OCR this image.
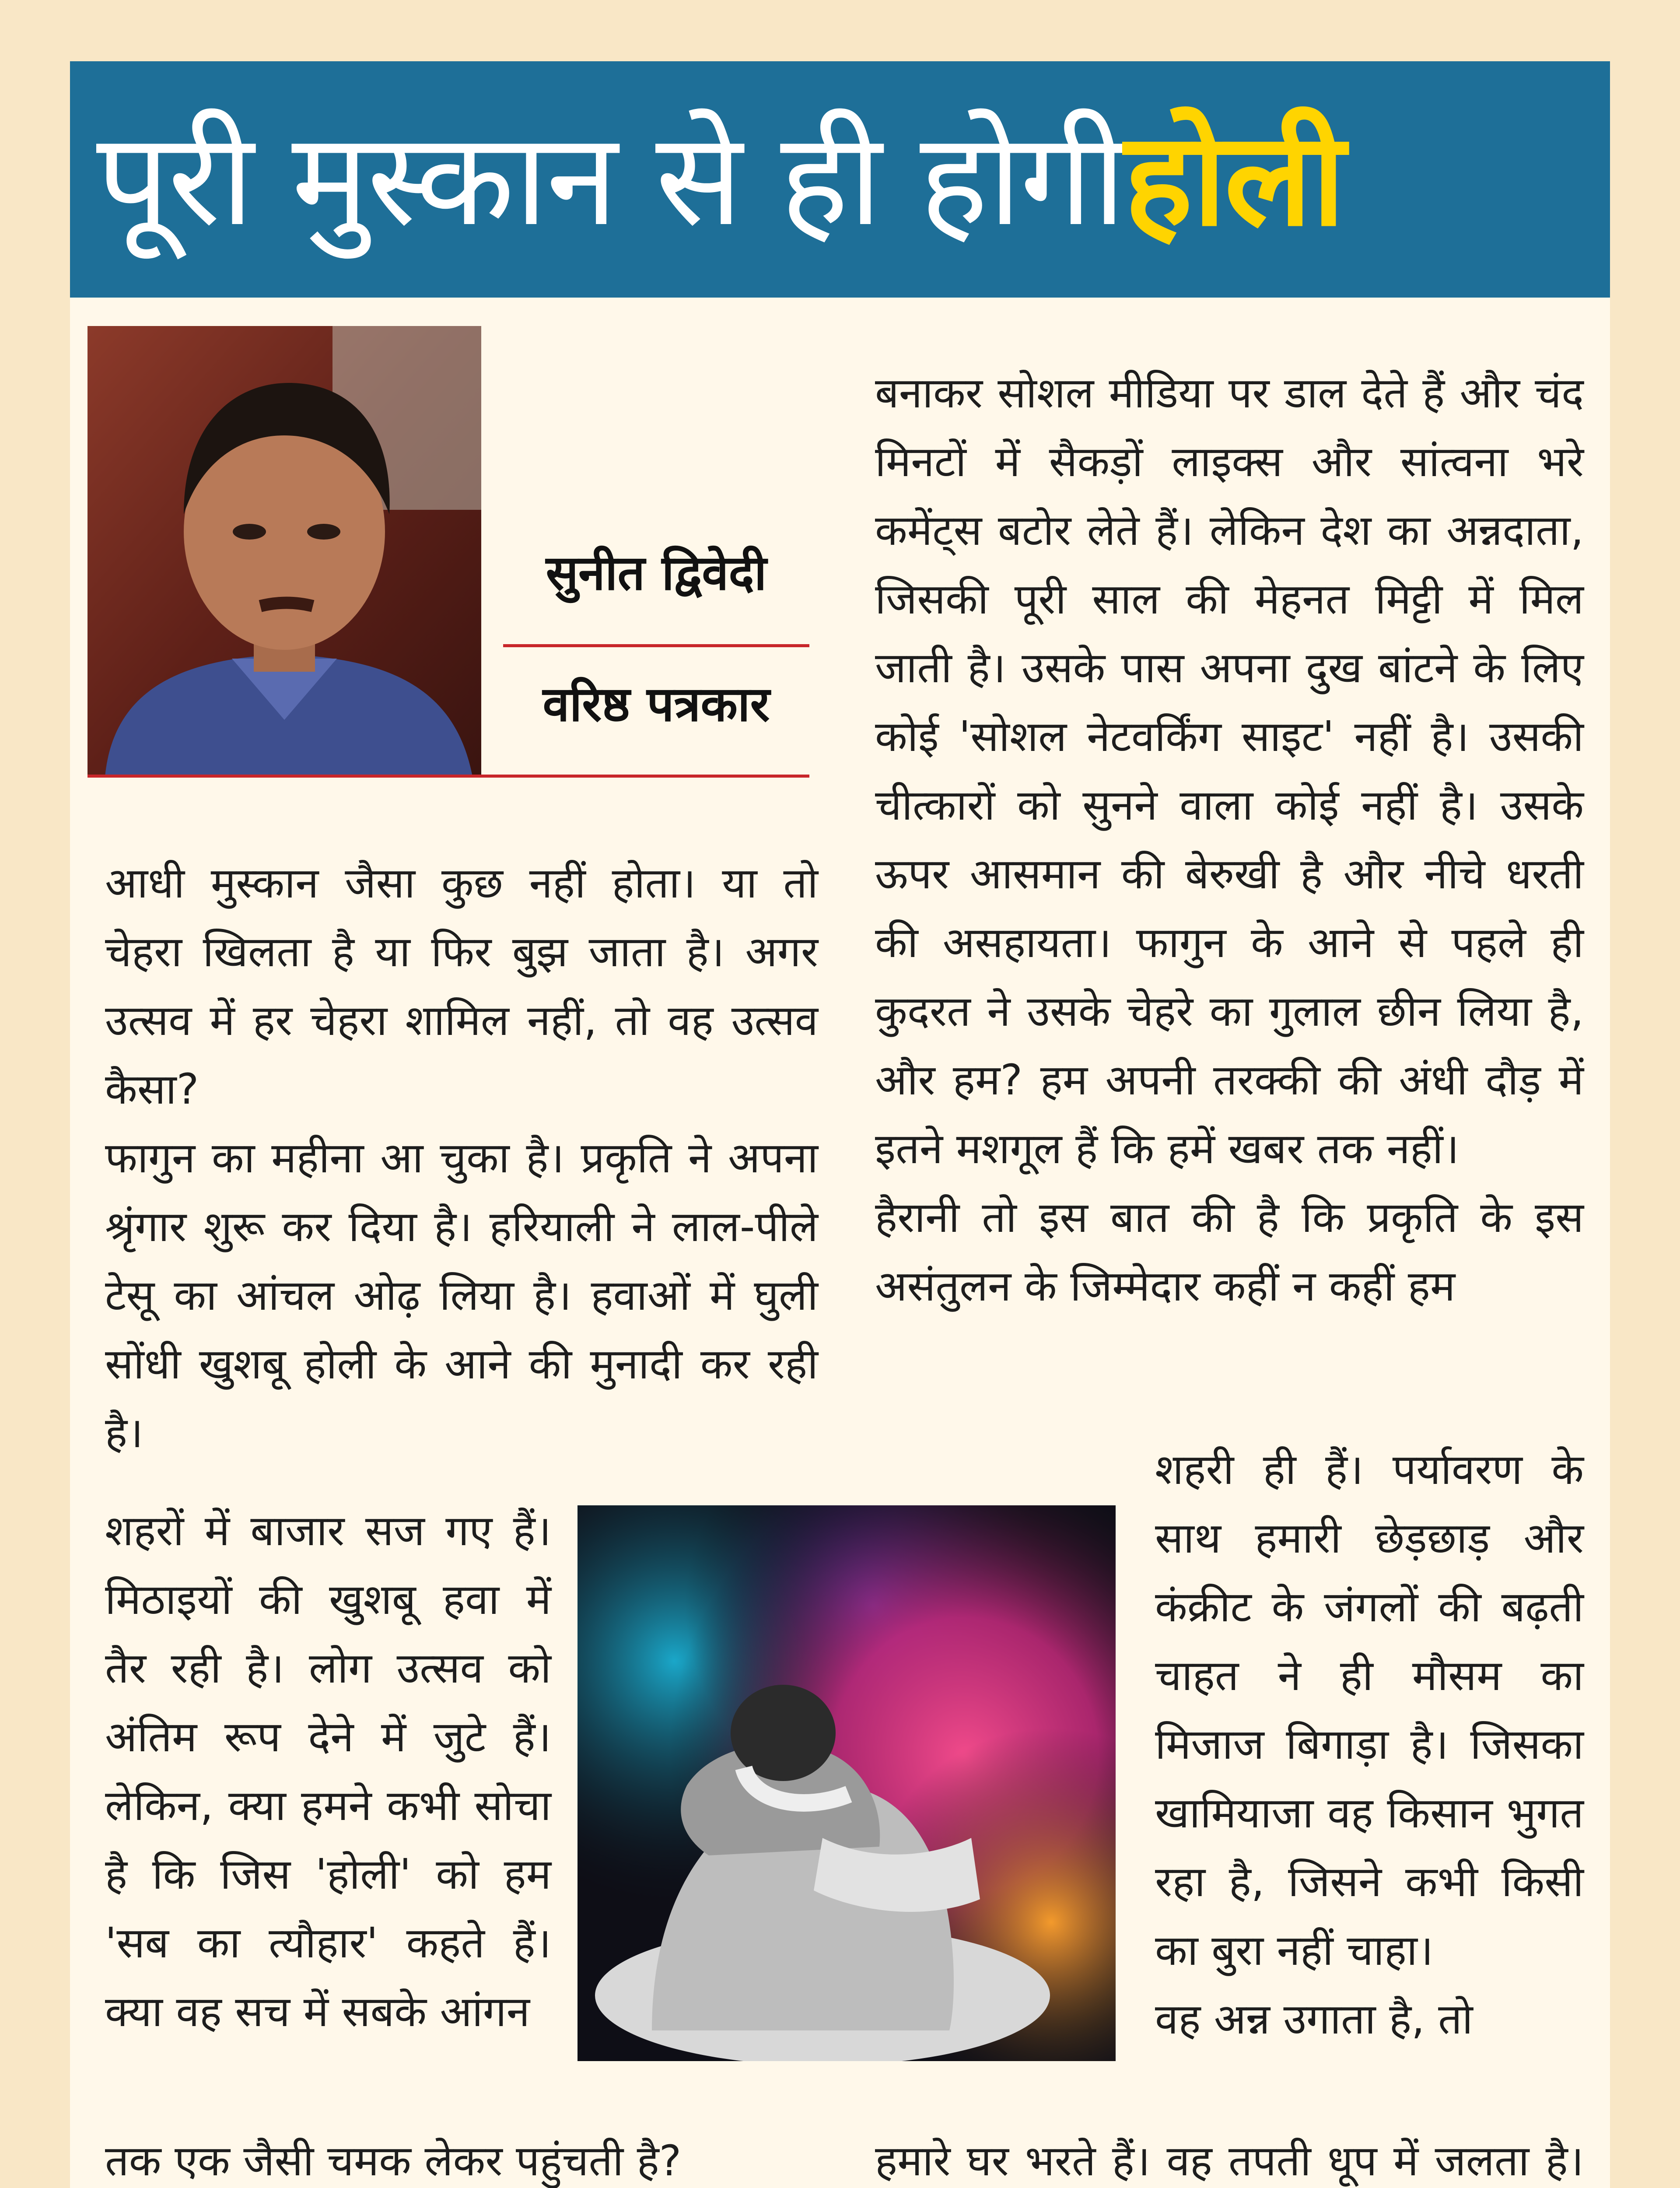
पूरी मुस्कान से ही होगी होली
सुनीत द्विवेदी
वरिष्ठ पत्रकार

आधी मुस्कान जैसा कुछ नहीं होता। या तो चेहरा खिलता है या फिर बुझ जाता है। अगर उत्सव में हर चेहरा शामिल नहीं, तो वह उत्सव कैसा?

फागुन का महीना आ चुका है। प्रकृति ने अपना श्रृंगार शुरू कर दिया है। हरियाली ने लाल-पीले टेसू का आंचल ओढ़ लिया है। हवाओं में घुली सोंधी खुशबू होली के आने की मुनादी कर रही है।

शहरों में बाजार सज गए हैं। मिठाइयों की खुशबू हवा में तैर रही है। लोग उत्सव को अंतिम रूप देने में जुटे हैं। लेकिन, क्या हमने कभी सोचा है कि जिस 'होली' को हम 'सब का त्यौहार' कहते हैं। क्या वह सच में सबके आंगन

तक एक जैसी चमक लेकर पहुंचती है?

बनाकर सोशल मीडिया पर डाल देते हैं और चंद मिनटों में सैकड़ों लाइक्स और सांत्वना भरे कमेंट्स बटोर लेते हैं। लेकिन देश का अन्नदाता, जिसकी पूरी साल की मेहनत मिट्टी में मिल जाती है। उसके पास अपना दुख बांटने के लिए कोई 'सोशल नेटवर्किंग साइट' नहीं है। उसकी चीत्कारों को सुनने वाला कोई नहीं है। उसके ऊपर आसमान की बेरुखी है और नीचे धरती की असहायता। फागुन के आने से पहले ही कुदरत ने उसके चेहरे का गुलाल छीन लिया है, और हम? हम अपनी तरक्की की अंधी दौड़ में इतने मशगूल हैं कि हमें खबर तक नहीं।

हैरानी तो इस बात की है कि प्रकृति के इस असंतुलन के जिम्मेदार कहीं न कहीं हम

शहरी ही हैं। पर्यावरण के साथ हमारी छेड़छाड़ और कंक्रीट के जंगलों की बढ़ती चाहत ने ही मौसम का मिजाज बिगाड़ा है। जिसका खामियाजा वह किसान भुगत रहा है, जिसने कभी किसी का बुरा नहीं चाहा।

वह अन्न उगाता है, तो

हमारे घर भरते हैं। वह तपती धूप में जलता है।
